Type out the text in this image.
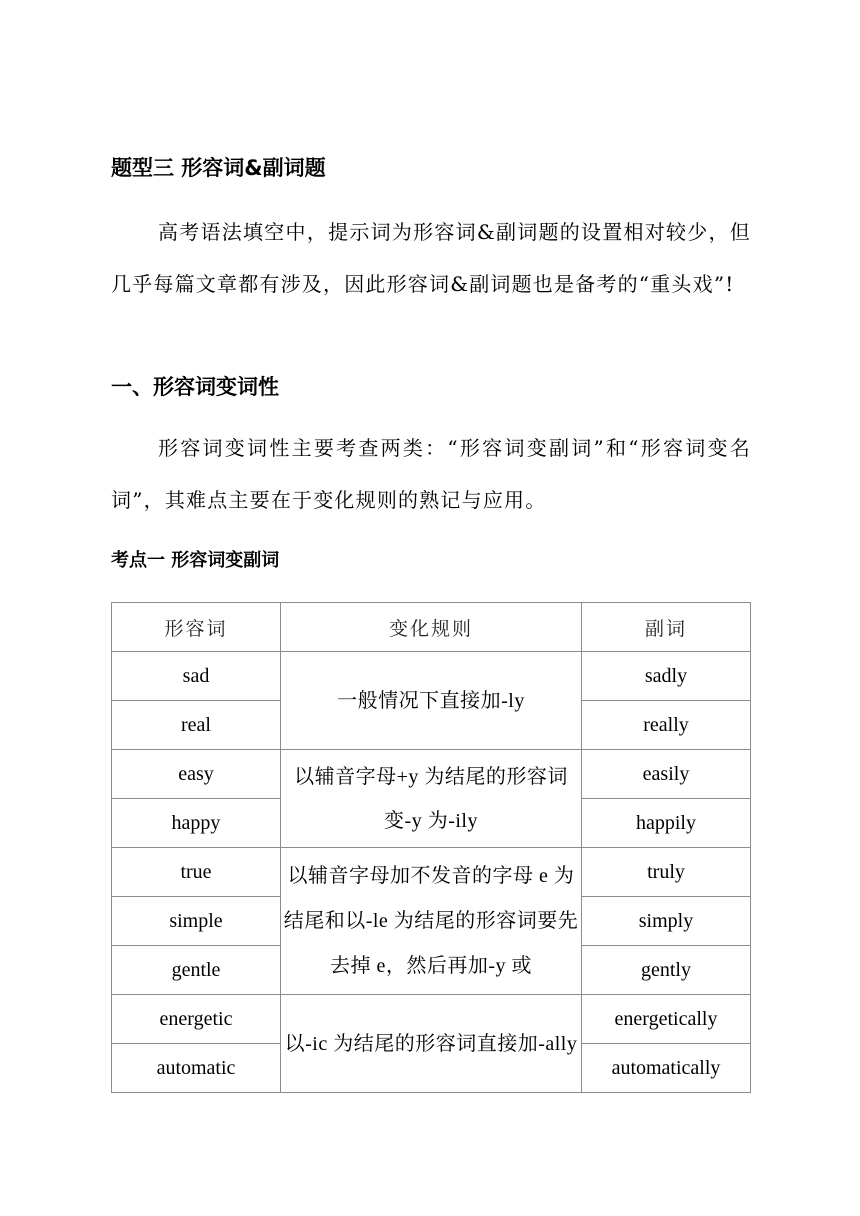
题型三 形容词&副词题

高考语法填空中，提示词为形容词&副词题的设置相对较少，但几乎每篇文章都有涉及，因此形容词&副词题也是备考的“重头戏”!

一、形容词变词性

形容词变词性主要考查两类：“形容词变副词”和“形容词变名词”，其难点主要在于变化规则的熟记与应用。

考点一 形容词变副词
形容词	变化规则	副词
sad	一般情况下直接加-ly	sadly
real		really
easy	以辅音字母+y 为结尾的形容词变-y 为-ily	easily
happy		happily
true	以辅音字母加不发音的字母 e 为结尾和以-le 为结尾的形容词要先去掉 e，然后再加-y 或	truly
simple		simply
gentle		gently
energetic	以-ic 为结尾的形容词直接加-ally	energetically
automatic		automatically
